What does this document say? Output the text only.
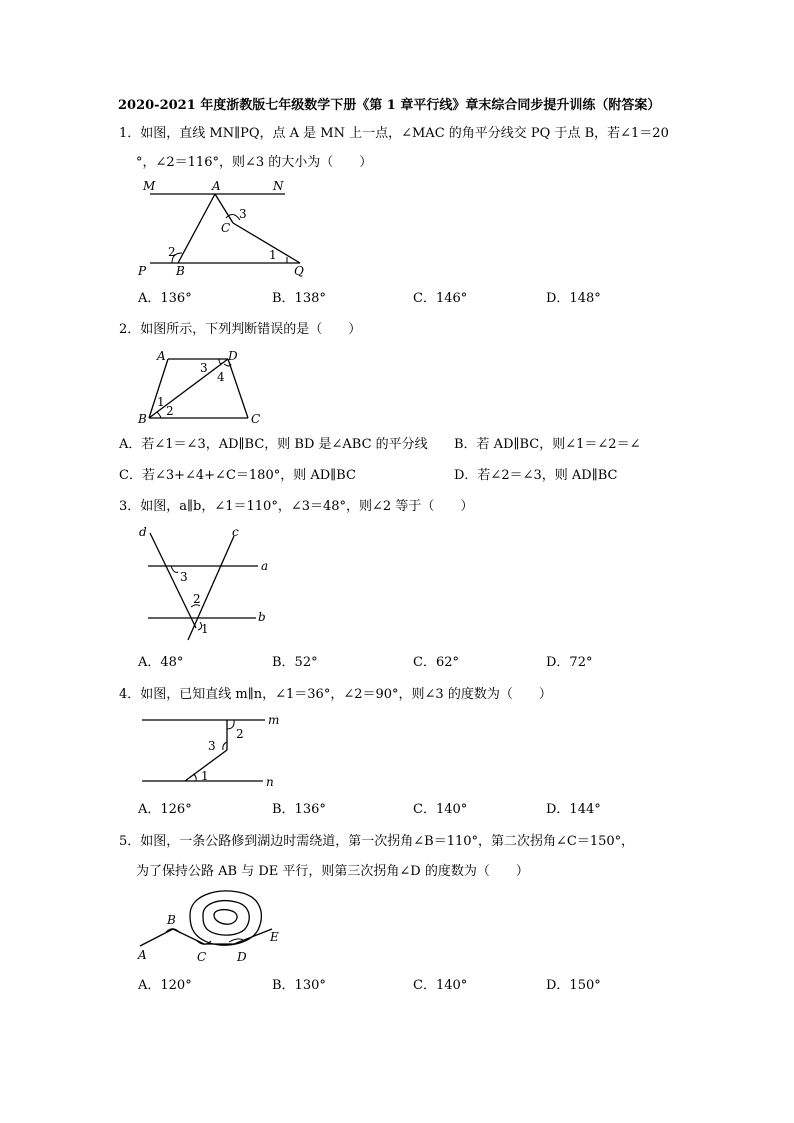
2020-2021 年度浙教版七年级数学下册《第 1 章平行线》章末综合同步提升训练（附答案）
1．如图，直线 MN∥PQ，点 A 是 MN 上一点，∠MAC 的角平分线交 PQ 于点 B，若∠1＝20
°，∠2＝116°，则∠3 的大小为（　　）
M	A	N
C
3
2	1
P B	Q
A．136°	B．138°	C．146°	D．148°
2．如图所示，下列判断错误的是（　　）
A	D
3
4
1
2
B	C
A．若∠1＝∠3，AD∥BC，则 BD 是∠ABC 的平分线 B．若 AD∥BC，则∠1＝∠2＝∠
C．若∠3+∠4+∠C＝180°，则 AD∥BC	D．若∠2＝∠3，则 AD∥BC
3．如图，a∥b，∠1＝110°，∠3＝48°，则∠2 等于（　　）
d	c
a
b
3
2
1
A．48°	B．52°	C．62°	D．72°
4．如图，已知直线 m∥n，∠1＝36°，∠2＝90°，则∠3 的度数为（　　）
m
n
2
3
1
A．126°	B．136°	C．140°	D．144°
5．如图，一条公路修到湖边时需绕道，第一次拐角∠B＝110°，第二次拐角∠C＝150°，
为了保持公路 AB 与 DE 平行，则第三次拐角∠D 的度数为（　　）
A
B
C	D
E
A．120°	B．130°	C．140°	D．150°
